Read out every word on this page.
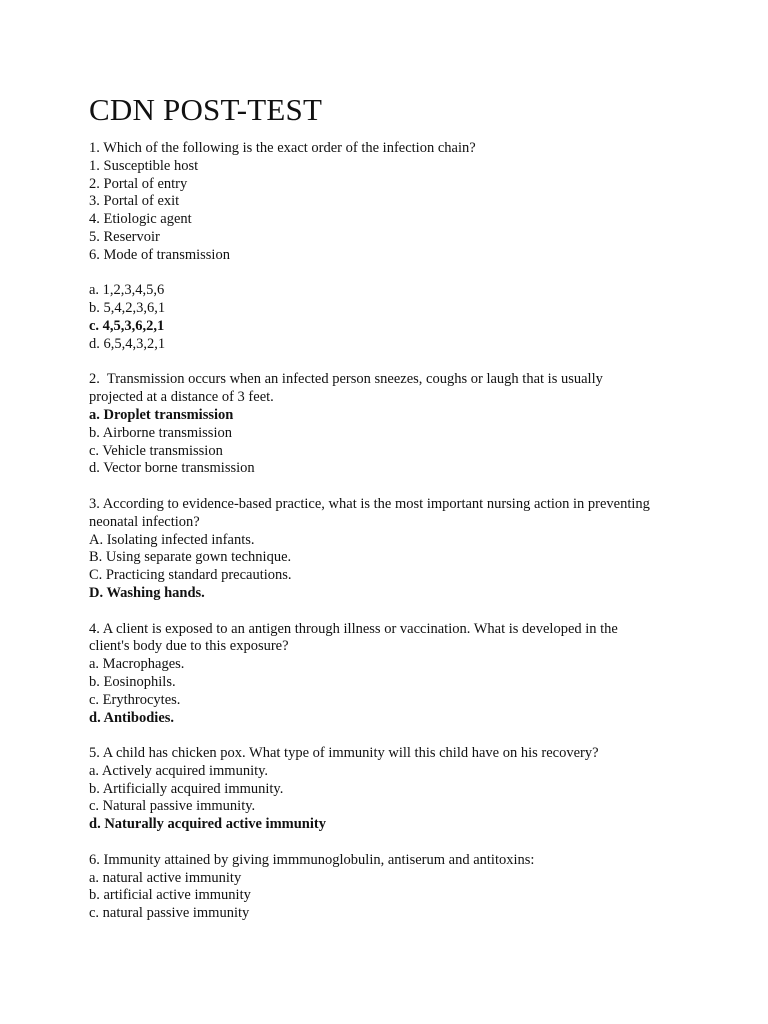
CDN POST-TEST
1. Which of the following is the exact order of the infection chain?
1. Susceptible host
2. Portal of entry
3. Portal of exit
4. Etiologic agent
5. Reservoir
6. Mode of transmission
a. 1,2,3,4,5,6
b. 5,4,2,3,6,1
c. 4,5,3,6,2,1
d. 6,5,4,3,2,1
2.  Transmission occurs when an infected person sneezes, coughs or laugh that is usually
projected at a distance of 3 feet.
a. Droplet transmission
b. Airborne transmission
c. Vehicle transmission
d. Vector borne transmission
3. According to evidence-based practice, what is the most important nursing action in preventing
neonatal infection?
A. Isolating infected infants.
B. Using separate gown technique.
C. Practicing standard precautions.
D. Washing hands.
4. A client is exposed to an antigen through illness or vaccination. What is developed in the
client's body due to this exposure?
a. Macrophages.
b. Eosinophils.
c. Erythrocytes.
d. Antibodies.
5. A child has chicken pox. What type of immunity will this child have on his recovery?
a. Actively acquired immunity.
b. Artificially acquired immunity.
c. Natural passive immunity.
d. Naturally acquired active immunity
6. Immunity attained by giving immmunoglobulin, antiserum and antitoxins:
a. natural active immunity
b. artificial active immunity
c. natural passive immunity
